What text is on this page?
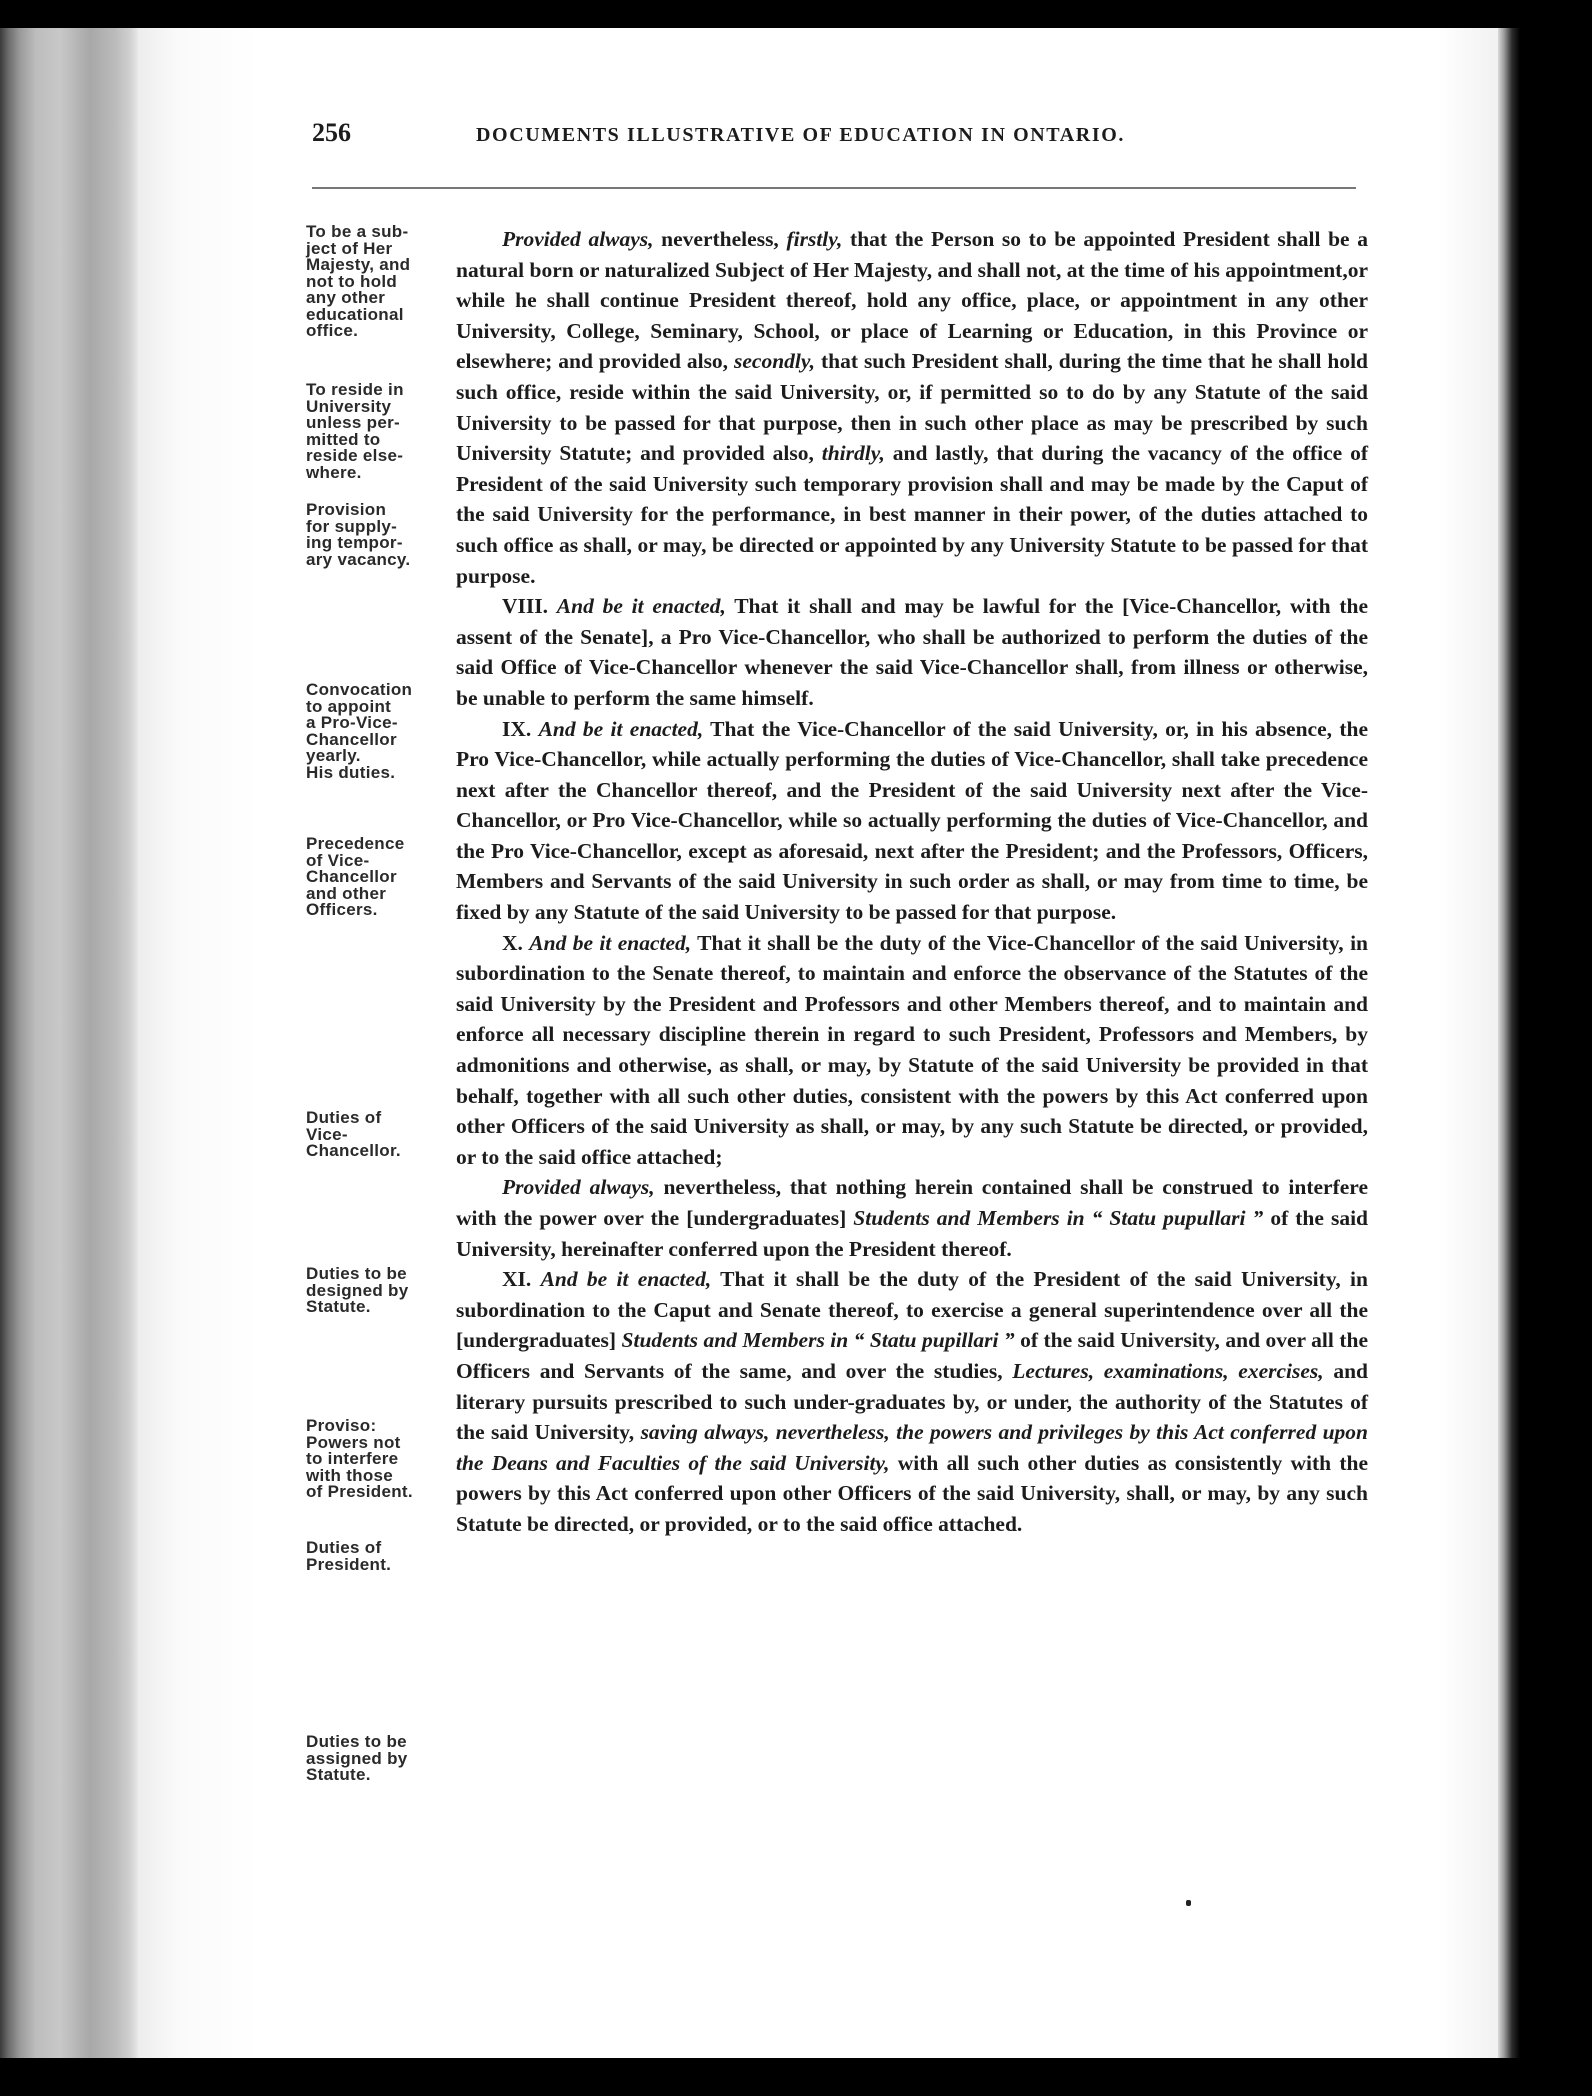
256	DOCUMENTS ILLUSTRATIVE OF EDUCATION IN ONTARIO.
To be a sub-
ject of Her
Majesty, and
not to hold
any other
educational
office.
To reside in
University
unless per-
mitted to
reside else-
where.
Provision
for supply-
ing tempor-
ary vacancy.
Convocation
to appoint
a Pro-Vice-
Chancellor
yearly.
His duties.
Precedence
of Vice-
Chancellor
and other
Officers.
Duties of
Vice-
Chancellor.
Duties to be
designed by
Statute.
Proviso:
Powers not
to interfere
with those
of President.
Duties of
President.
Duties to be
assigned by
Statute.

Provided always, nevertheless, firstly, that the Person so to be appointed President shall be a natural born or naturalized Subject of Her Majesty, and shall not, at the time of his appointment,or while he shall continue President thereof, hold any office, place, or appointment in any other University, College, Seminary, School, or place of Learning or Education, in this Province or elsewhere; and provided also, secondly, that such President shall, during the time that he shall hold such office, reside within the said University, or, if permitted so to do by any Statute of the said University to be passed for that purpose, then in such other place as may be prescribed by such University Statute; and provided also, thirdly, and lastly, that during the vacancy of the office of President of the said University such temporary provision shall and may be made by the Caput of the said University for the performance, in best manner in their power, of the duties attached to such office as shall, or may, be directed or appointed by any University Statute to be passed for that purpose.

VIII. And be it enacted, That it shall and may be lawful for the [Vice-Chancellor, with the assent of the Senate], a Pro Vice-Chancellor, who shall be authorized to perform the duties of the said Office of Vice-Chancellor whenever the said Vice-Chancellor shall, from illness or otherwise, be unable to perform the same himself.

IX. And be it enacted, That the Vice-Chancellor of the said University, or, in his absence, the Pro Vice-Chancellor, while actually performing the duties of Vice-Chancellor, shall take precedence next after the Chancellor thereof, and the President of the said University next after the Vice-Chancellor, or Pro Vice-Chancellor, while so actually performing the duties of Vice-Chancellor, and the Pro Vice-Chancellor, except as aforesaid, next after the President; and the Professors, Officers, Members and Servants of the said University in such order as shall, or may from time to time, be fixed by any Statute of the said University to be passed for that purpose.

X. And be it enacted, That it shall be the duty of the Vice-Chancellor of the said University, in subordination to the Senate thereof, to maintain and enforce the observance of the Statutes of the said University by the President and Professors and other Members thereof, and to maintain and enforce all necessary discipline therein in regard to such President, Professors and Members, by admonitions and otherwise, as shall, or may, by Statute of the said University be provided in that behalf, together with all such other duties, consistent with the powers by this Act conferred upon other Officers of the said University as shall, or may, by any such Statute be directed, or provided, or to the said office attached;

Provided always, nevertheless, that nothing herein contained shall be construed to interfere with the power over the [undergraduates] Students and Members in “ Statu pupullari ” of the said University, hereinafter conferred upon the President thereof.

XI. And be it enacted, That it shall be the duty of the President of the said University, in subordination to the Caput and Senate thereof, to exercise a general superintendence over all the [undergraduates] Students and Members in “ Statu pupillari ” of the said University, and over all the Officers and Servants of the same, and over the studies, Lectures, examinations, exercises, and literary pursuits prescribed to such under-graduates by, or under, the authority of the Statutes of the said University, saving always, nevertheless, the powers and privileges by this Act conferred upon the Deans and Faculties of the said University, with all such other duties as consistently with the powers by this Act conferred upon other Officers of the said University, shall, or may, by any such Statute be directed, or provided, or to the said office attached.
